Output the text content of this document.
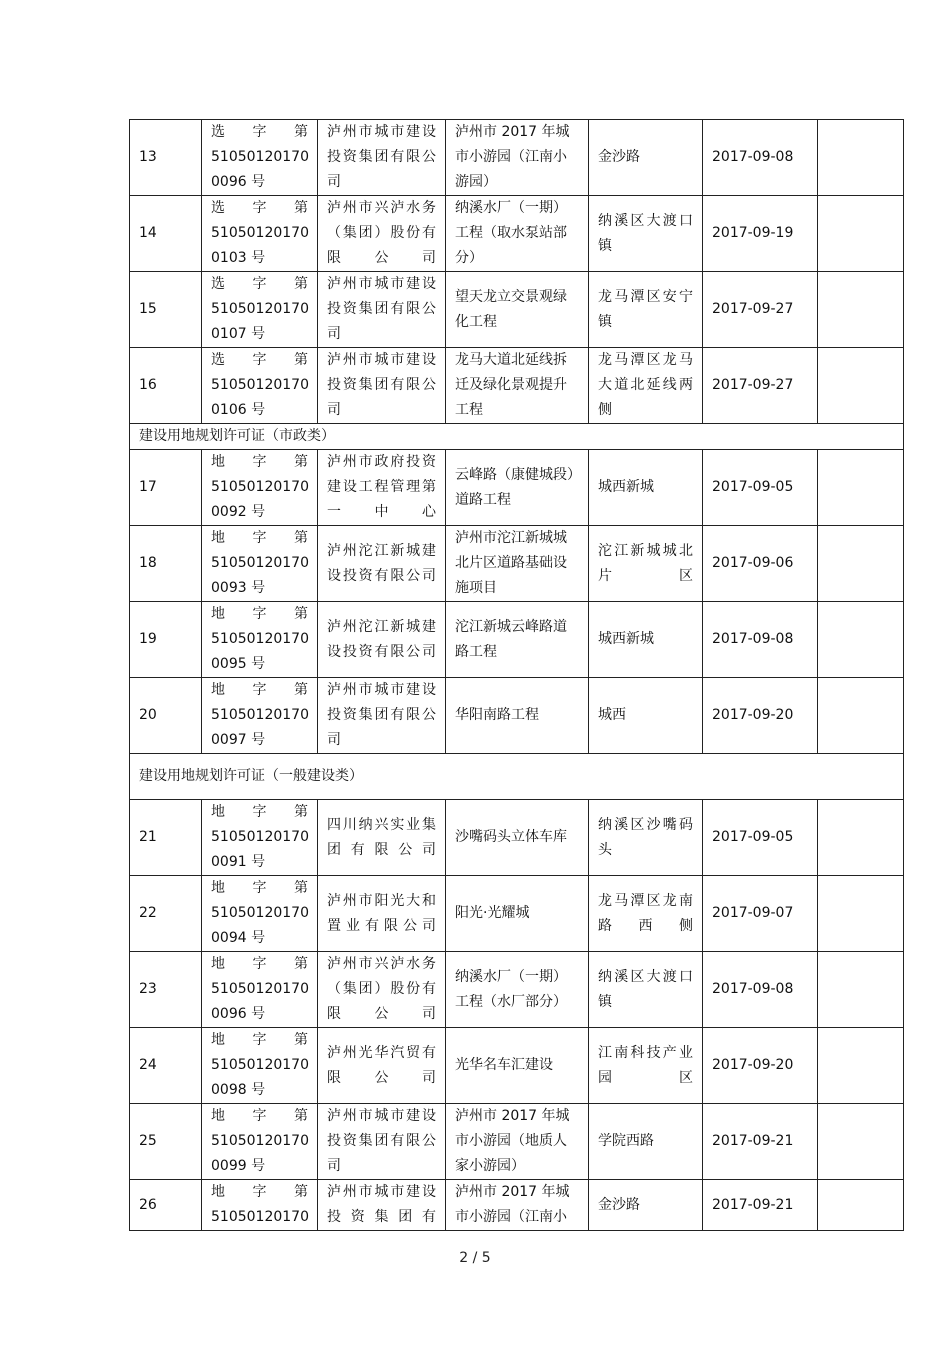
13	选 字 第
51050120170
0096 号	泸州市城市建设投资集团有限公司	泸州市 2017 年城市小游园（江南小游园）	金沙路	2017-09-08	
14	选 字 第
51050120170
0103 号	泸州市兴泸水务（集团）股份有限公司	纳溪水厂（一期）工程（取水泵站部分）	纳溪区大渡口镇	2017-09-19	
15	选 字 第
51050120170
0107 号	泸州市城市建设投资集团有限公司	望天龙立交景观绿化工程	龙马潭区安宁镇	2017-09-27	
16	选 字 第
51050120170
0106 号	泸州市城市建设投资集团有限公司	龙马大道北延线拆迁及绿化景观提升工程	龙马潭区龙马大道北延线两侧	2017-09-27	
建设用地规划许可证（市政类）						
17	地 字 第
51050120170
0092 号	泸州市政府投资建设工程管理第一中心	云峰路（康健城段）道路工程	城西新城	2017-09-05	
18	地 字 第
51050120170
0093 号	泸州沱江新城建设投资有限公司	泸州市沱江新城城北片区道路基础设施项目	沱江新城城北片区	2017-09-06	
19	地 字 第
51050120170
0095 号	泸州沱江新城建设投资有限公司	沱江新城云峰路道路工程	城西新城	2017-09-08	
20	地 字 第
51050120170
0097 号	泸州市城市建设投资集团有限公司	华阳南路工程	城西	2017-09-20	
建设用地规划许可证（一般建设类）						
21	地 字 第
51050120170
0091 号	四川纳兴实业集团有限公司	沙嘴码头立体车库	纳溪区沙嘴码头	2017-09-05	
22	地 字 第
51050120170
0094 号	泸州市阳光大和置业有限公司	阳光·光耀城	龙马潭区龙南路西侧	2017-09-07	
23	地 字 第
51050120170
0096 号	泸州市兴泸水务（集团）股份有限公司	纳溪水厂（一期）工程（水厂部分）	纳溪区大渡口镇	2017-09-08	
24	地 字 第
51050120170
0098 号	泸州光华汽贸有限公司	光华名车汇建设	江南科技产业园区	2017-09-20	
25	地 字 第
51050120170
0099 号	泸州市城市建设投资集团有限公司	泸州市 2017 年城市小游园（地质人家小游园）	学院西路	2017-09-21	
26	地 字 第
51050120170	泸州市城市建设投资集团有	泸州市 2017 年城市小游园（江南小	金沙路	2017-09-21	
2 / 5
